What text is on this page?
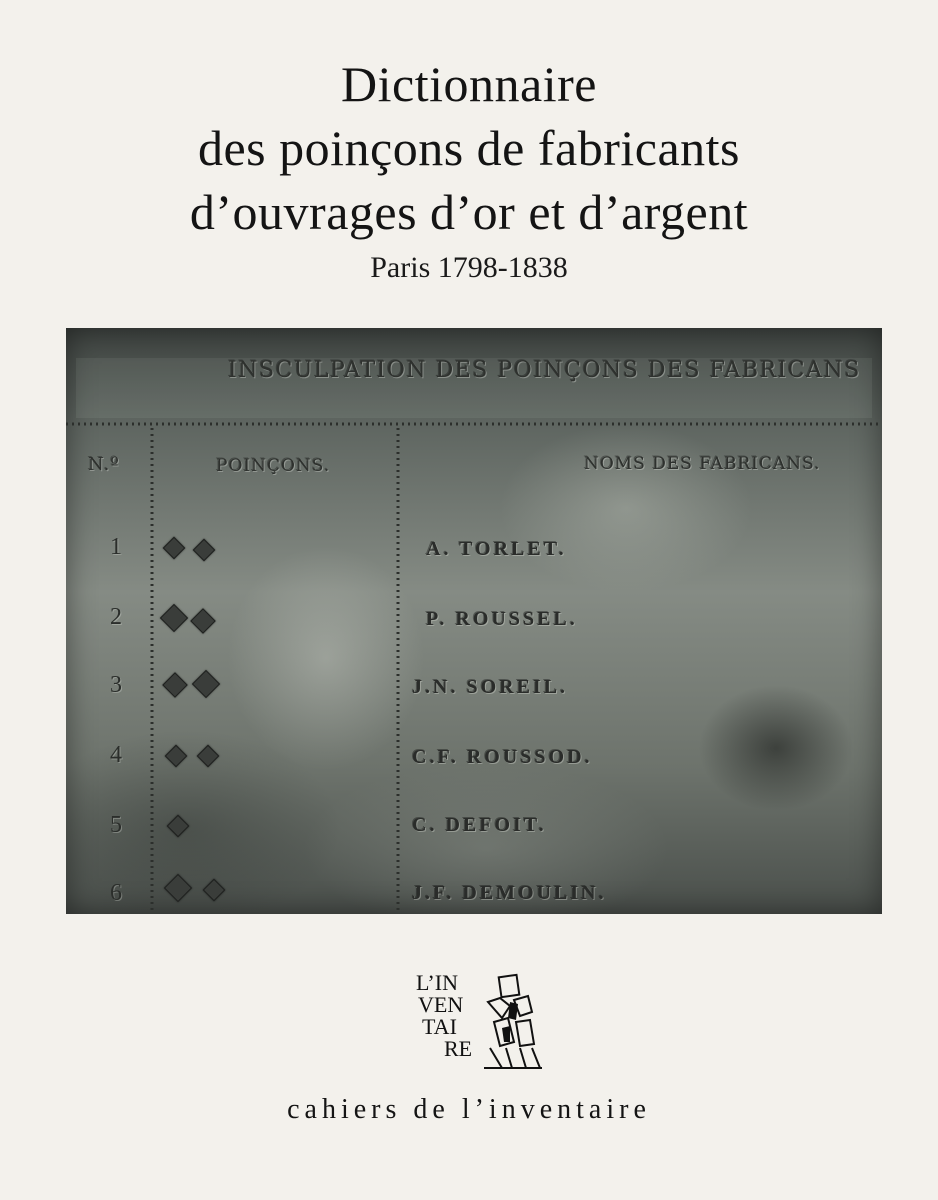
Dictionnaire
des poinçons de fabricants
d’ouvrages d’or et d’argent
Paris 1798-1838
INSCULPATION DES POINÇONS DES FABRICANS
N.º	POINÇONS.	NOMS DES FABRICANS.
1
2
3
4
5
6
A. TORLET.
P. ROUSSEL.
J.N. SOREIL.
C.F. ROUSSOD.
C. DEFOIT.
J.F. DEMOULIN.
L’IN
VEN
TAI
RE
cahiers de l’inventaire
